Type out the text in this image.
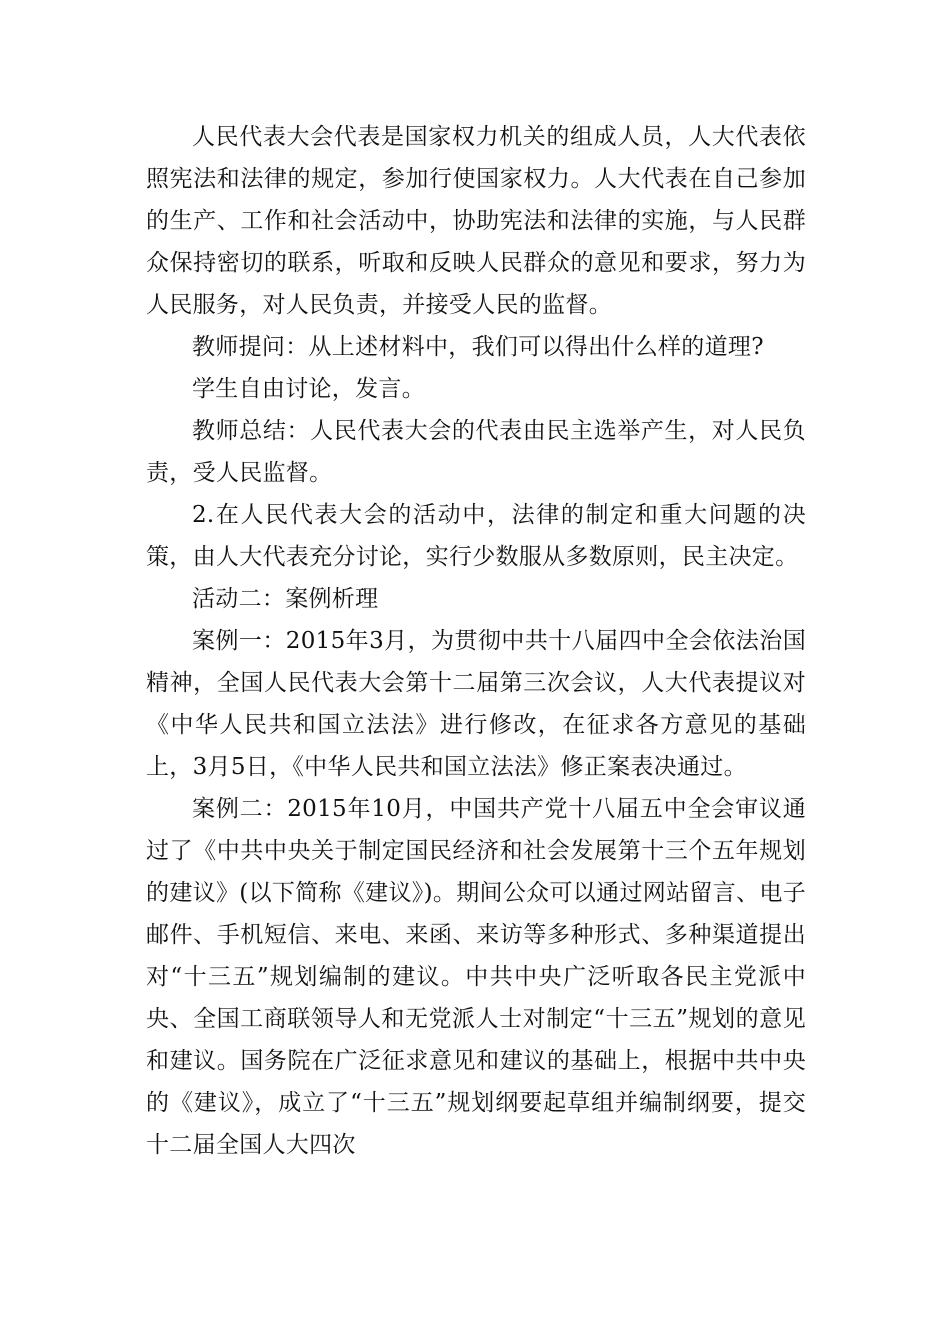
人民代表大会代表是国家权力机关的组成人员，人大代表依照宪法和法律的规定，参加行使国家权力。人大代表在自己参加的生产、工作和社会活动中，协助宪法和法律的实施，与人民群众保持密切的联系，听取和反映人民群众的意见和要求，努力为人民服务，对人民负责，并接受人民的监督。

教师提问：从上述材料中，我们可以得出什么样的道理?

学生自由讨论，发言。

教师总结：人民代表大会的代表由民主选举产生，对人民负责，受人民监督。

2.在人民代表大会的活动中，法律的制定和重大问题的决策，由人大代表充分讨论，实行少数服从多数原则，民主决定。

活动二：案例析理

案例一：2015年3月，为贯彻中共十八届四中全会依法治国精神，全国人民代表大会第十二届第三次会议，人大代表提议对《中华人民共和国立法法》进行修改，在征求各方意见的基础上，3月5日，《中华人民共和国立法法》修正案表决通过。

案例二：2015年10月，中国共产党十八届五中全会审议通过了《中共中央关于制定国民经济和社会发展第十三个五年规划的建议》(以下简称《建议》)。期间公众可以通过网站留言、电子邮件、手机短信、来电、来函、来访等多种形式、多种渠道提出对“十三五”规划编制的建议。中共中央广泛听取各民主党派中央、全国工商联领导人和无党派人士对制定“十三五”规划的意见和建议。国务院在广泛征求意见和建议的基础上，根据中共中央的《建议》，成立了“十三五”规划纲要起草组并编制纲要，提交十二届全国人大四次
